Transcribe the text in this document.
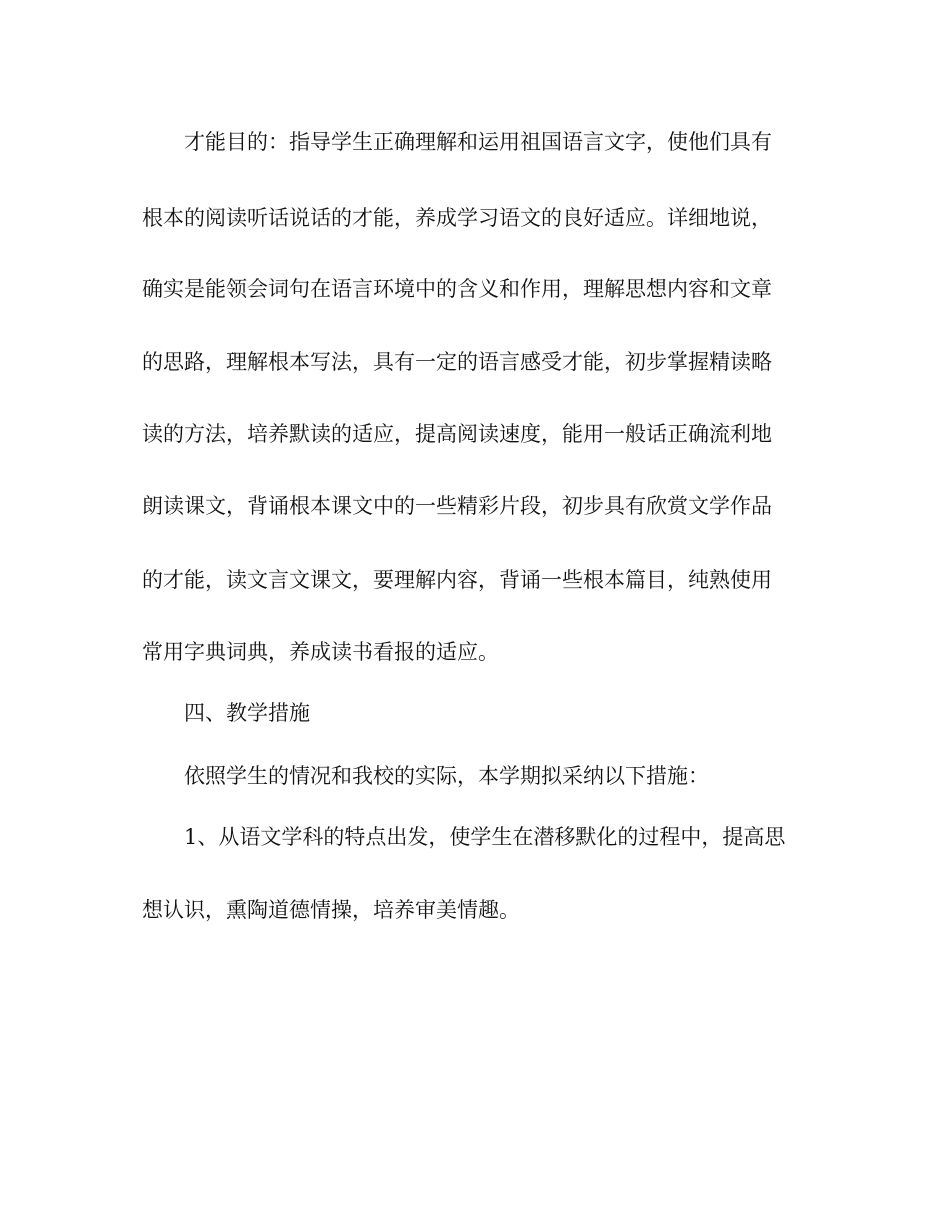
才能目的：指导学生正确理解和运用祖国语言文字，使他们具有
根本的阅读听话说话的才能，养成学习语文的良好适应。详细地说，
确实是能领会词句在语言环境中的含义和作用，理解思想内容和文章
的思路，理解根本写法，具有一定的语言感受才能，初步掌握精读略
读的方法，培养默读的适应，提高阅读速度，能用一般话正确流利地
朗读课文，背诵根本课文中的一些精彩片段，初步具有欣赏文学作品
的才能，读文言文课文，要理解内容，背诵一些根本篇目，纯熟使用
常用字典词典，养成读书看报的适应。
四、教学措施
依照学生的情况和我校的实际，本学期拟采纳以下措施：
1、从语文学科的特点出发，使学生在潜移默化的过程中，提高思
想认识，熏陶道德情操，培养审美情趣。
